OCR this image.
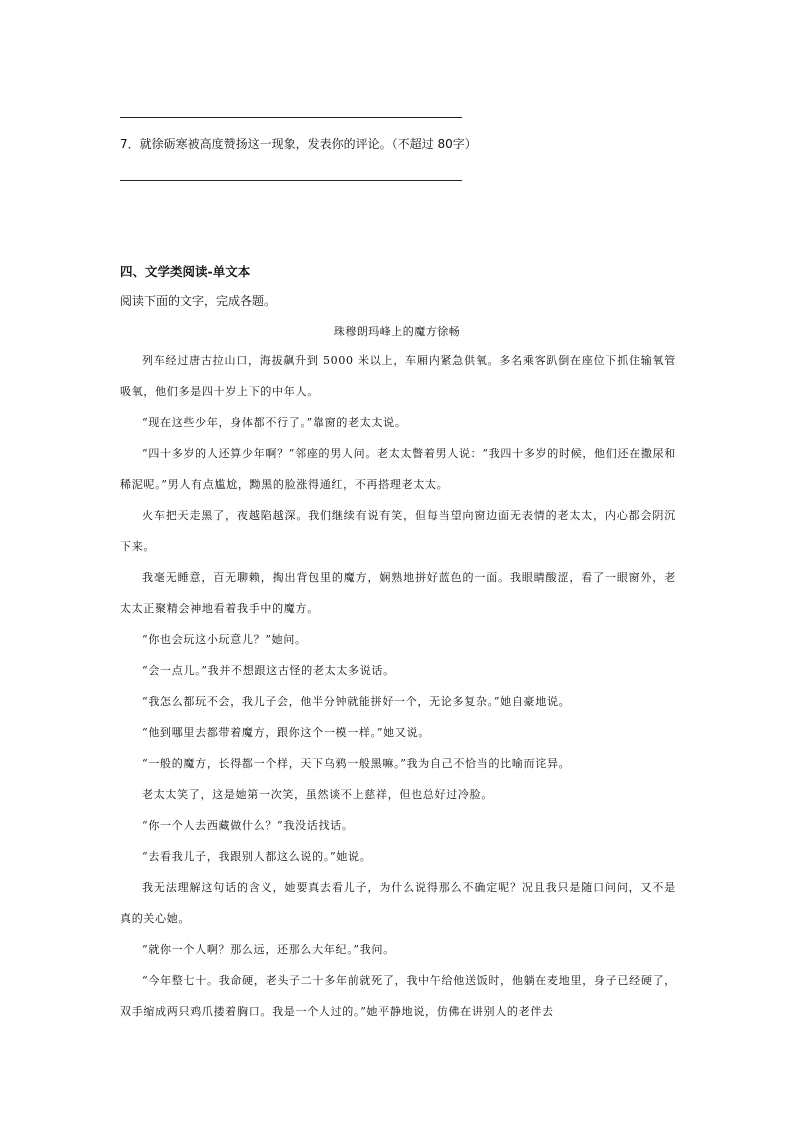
7．就徐砺寒被高度赞扬这一现象，发表你的评论。（不超过 80字）
四、文学类阅读-单文本
阅读下面的文字，完成各题。
珠穆朗玛峰上的魔方徐畅

列车经过唐古拉山口，海拔飙升到 5000 米以上，车厢内紧急供氧。多名乘客趴倒在座位下抓住输氧管吸氧，他们多是四十岁上下的中年人。

“现在这些少年，身体都不行了。”靠窗的老太太说。

“四十多岁的人还算少年啊？”邻座的男人问。老太太瞥着男人说：“我四十多岁的时候，他们还在撒尿和稀泥呢。”男人有点尴尬，黝黑的脸涨得通红，不再搭理老太太。

火车把天走黑了，夜越陷越深。我们继续有说有笑，但每当望向窗边面无表情的老太太，内心都会阴沉下来。

我毫无睡意，百无聊赖，掏出背包里的魔方，娴熟地拼好蓝色的一面。我眼睛酸涩，看了一眼窗外，老太太正聚精会神地看着我手中的魔方。

“你也会玩这小玩意儿？”她问。

“会一点儿。”我并不想跟这古怪的老太太多说话。

“我怎么都玩不会，我儿子会，他半分钟就能拼好一个，无论多复杂。”她自豪地说。

“他到哪里去都带着魔方，跟你这个一模一样。”她又说。

“一般的魔方，长得都一个样，天下乌鸦一般黑嘛。”我为自己不恰当的比喻而诧异。

老太太笑了，这是她第一次笑，虽然谈不上慈祥，但也总好过冷脸。

“你一个人去西藏做什么？”我没话找话。

“去看我儿子，我跟别人都这么说的。”她说。

我无法理解这句话的含义，她要真去看儿子，为什么说得那么不确定呢？况且我只是随口问问，又不是真的关心她。

“就你一个人啊？那么远，还那么大年纪。”我问。

“今年整七十。我命硬，老头子二十多年前就死了，我中午给他送饭时，他躺在麦地里，身子已经硬了，双手缩成两只鸡爪搂着胸口。我是一个人过的。”她平静地说，仿佛在讲别人的老伴去
